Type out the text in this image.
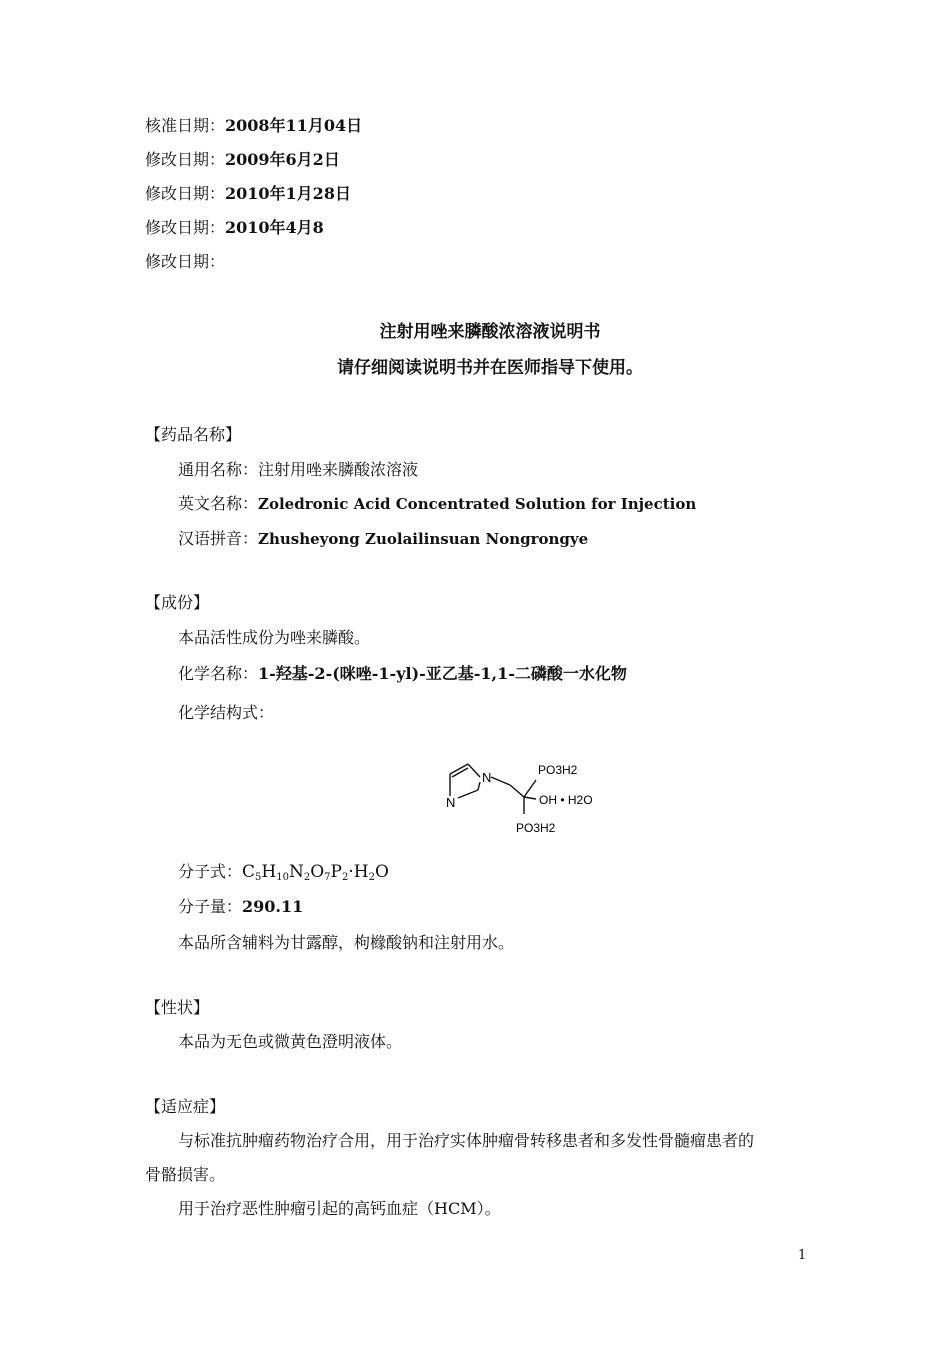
核准日期：2008年11月04日
修改日期：2009年6月2日
修改日期：2010年1月28日
修改日期：2010年4月8
修改日期：
注射用唑来膦酸浓溶液说明书
请仔细阅读说明书并在医师指导下使用。
【药品名称】
通用名称：注射用唑来膦酸浓溶液
英文名称：Zoledronic Acid Concentrated Solution for Injection
汉语拼音：Zhusheyong Zuolailinsuan Nongrongye
【成份】
本品活性成份为唑来膦酸。
化学名称：1-羟基-2-(咪唑-1-yl)-亚乙基-1,1-二磷酸一水化物
化学结构式：
N
N
PO3H2
OH • H2O
PO3H2
分子式：$C_5H_{10}N_2O_7P_2\cdot H_2O$
分子量：290.11
本品所含辅料为甘露醇，枸橼酸钠和注射用水。
【性状】
本品为无色或微黄色澄明液体。
【适应症】
与标准抗肿瘤药物治疗合用，用于治疗实体肿瘤骨转移患者和多发性骨髓瘤患者的
骨骼损害。
用于治疗恶性肿瘤引起的高钙血症（HCM）。
1
